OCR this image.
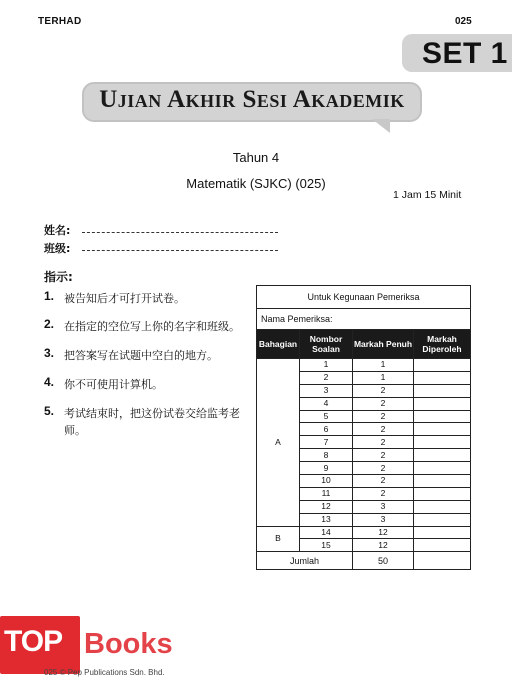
TERHAD	025
SET 1
Ujian Akhir Sesi Akademik
Tahun 4
Matematik (SJKC) (025)
1 Jam 15 Minit
姓名:
班级:
指示:
1. 被告知后才可打开试卷。
2. 在指定的空位写上你的名字和班级。
3. 把答案写在试题中空白的地方。
4. 你不可使用计算机。
5. 考试结束时，把这份试卷交给监考老师。
Untuk Kegunaan Pemeriksa			
Nama Pemeriksa:			
Bahagian	Nombor Soalan	Markah Penuh	Markah Diperoleh
A	1	1	
	2	1	
	3	2	
	4	2	
	5	2	
	6	2	
	7	2	
	8	2	
	9	2	
	10	2	
	11	2	
	12	3	
	13	3	
B	14	12	
	15	12	
Jumlah		50	
TOP Books
025 © Pep Publications Sdn. Bhd.
